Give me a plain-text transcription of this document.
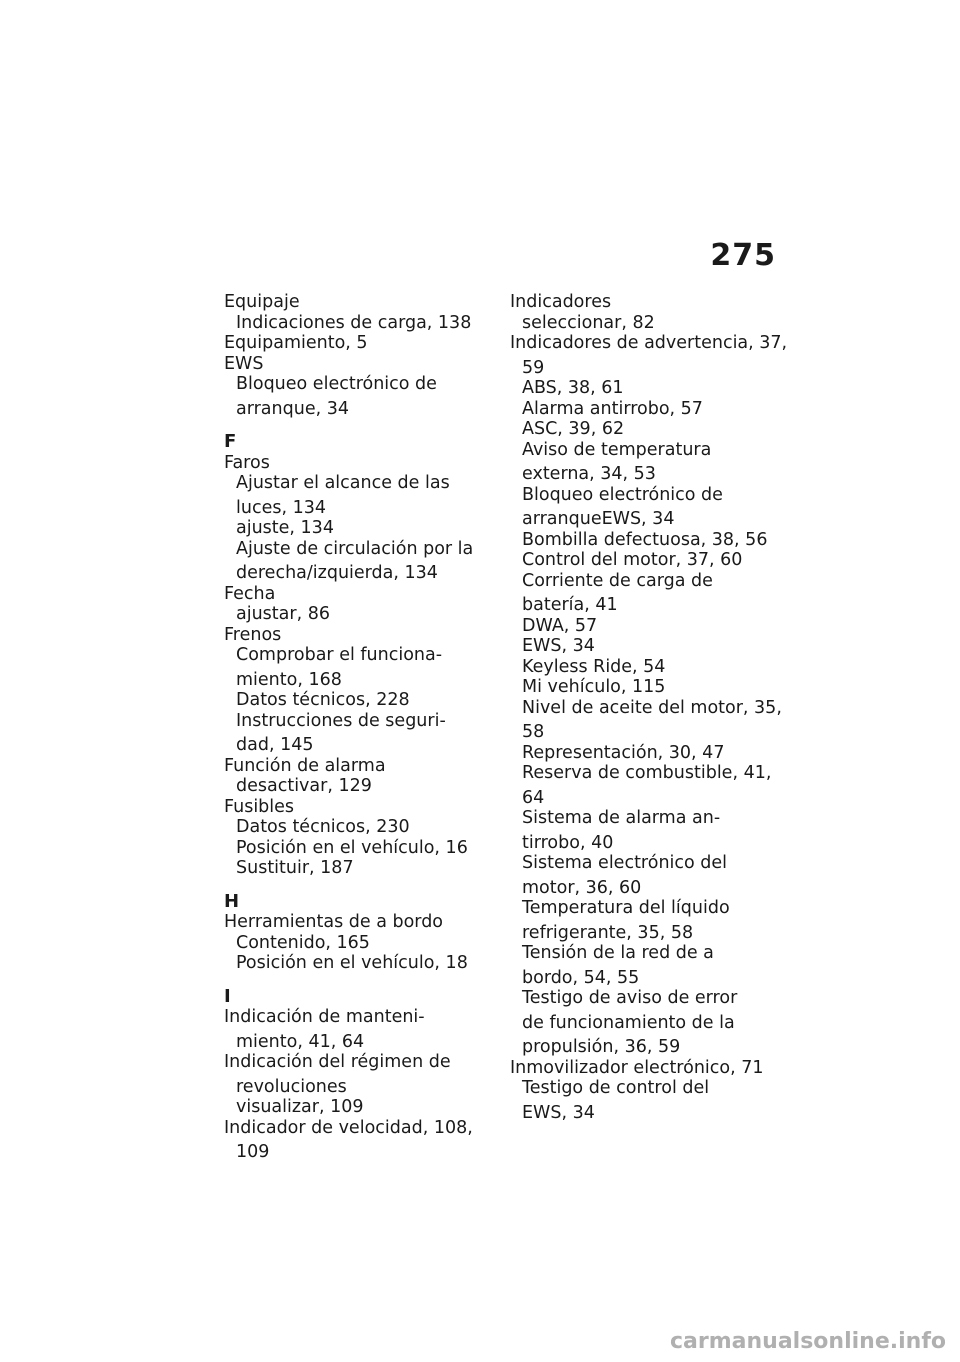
275
Equipaje
Indicaciones de carga, 138
Equipamiento, 5
EWS
Bloqueo electrónico de
arranque, 34
F
Faros
Ajustar el alcance de las
luces, 134
ajuste, 134
Ajuste de circulación por la
derecha/izquierda, 134
Fecha
ajustar, 86
Frenos
Comprobar el funciona-
miento, 168
Datos técnicos, 228
Instrucciones de seguri-
dad, 145
Función de alarma
desactivar, 129
Fusibles
Datos técnicos, 230
Posición en el vehículo, 16
Sustituir, 187
H
Herramientas de a bordo
Contenido, 165
Posición en el vehículo, 18
I
Indicación de manteni-
miento, 41, 64
Indicación del régimen de
revoluciones
visualizar, 109
Indicador de velocidad, 108,
109
Indicadores
seleccionar, 82
Indicadores de advertencia, 37,
59
ABS, 38, 61
Alarma antirrobo, 57
ASC, 39, 62
Aviso de temperatura
externa, 34, 53
Bloqueo electrónico de
arranqueEWS, 34
Bombilla defectuosa, 38, 56
Control del motor, 37, 60
Corriente de carga de
batería, 41
DWA, 57
EWS, 34
Keyless Ride, 54
Mi vehículo, 115
Nivel de aceite del motor, 35,
58
Representación, 30, 47
Reserva de combustible, 41,
64
Sistema de alarma an-
tirrobo, 40
Sistema electrónico del
motor, 36, 60
Temperatura del líquido
refrigerante, 35, 58
Tensión de la red de a
bordo, 54, 55
Testigo de aviso de error
de funcionamiento de la
propulsión, 36, 59
Inmovilizador electrónico, 71
Testigo de control del
EWS, 34
carmanualsonline.info
